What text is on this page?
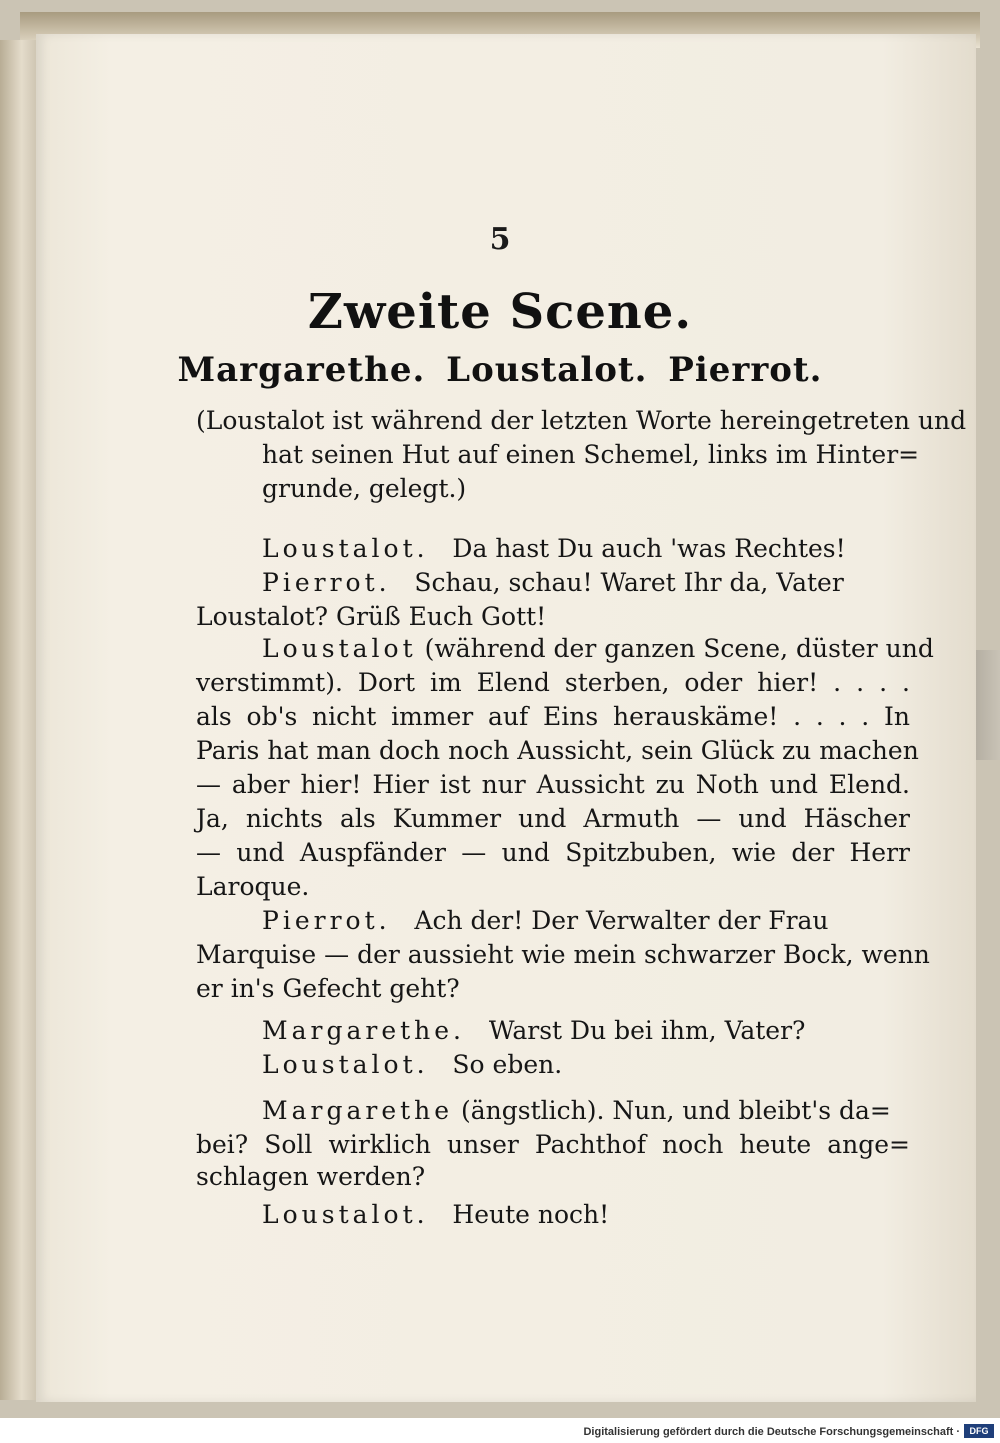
5
Zweite Scene.
Margarethe. Loustalot. Pierrot.
(Loustalot ist während der letzten Worte hereingetreten und
hat seinen Hut auf einen Schemel, links im Hinter=
grunde, gelegt.)
Loustalot. Da hast Du auch 'was Rechtes!
Pierrot. Schau, schau! Waret Ihr da, Vater
Loustalot? Grüß Euch Gott!
Loustalot (während der ganzen Scene, düster und
verstimmt). Dort im Elend sterben, oder hier! . . . .
als ob's nicht immer auf Eins herauskäme! . . . . In
Paris hat man doch noch Aussicht, sein Glück zu machen
— aber hier! Hier ist nur Aussicht zu Noth und Elend.
Ja, nichts als Kummer und Armuth — und Häscher
— und Auspfänder — und Spitzbuben, wie der Herr
Laroque.
Pierrot. Ach der! Der Verwalter der Frau
Marquise — der aussieht wie mein schwarzer Bock, wenn
er in's Gefecht geht?
Margarethe. Warst Du bei ihm, Vater?
Loustalot. So eben.
Margarethe (ängstlich). Nun, und bleibt's da=
bei? Soll wirklich unser Pachthof noch heute ange=
schlagen werden?
Loustalot. Heute noch!
Digitalisierung gefördert durch die Deutsche Forschungsgemeinschaft ·	DFG
